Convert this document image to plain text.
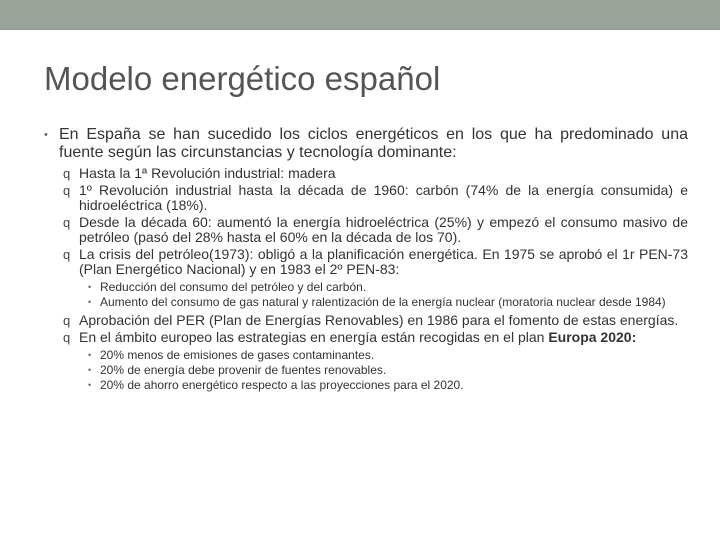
Modelo energético español
• En España se han sucedido los ciclos energéticos en los que ha predominado una fuente según las circunstancias y tecnología dominante:
q Hasta la 1ª Revolución industrial: madera
q 1º Revolución industrial hasta la década de 1960: carbón (74% de la energía consumida) e hidroeléctrica (18%).
q Desde la década 60: aumentó la energía hidroeléctrica (25%) y empezó el consumo masivo de petróleo (pasó del 28% hasta el 60% en la década de los 70).
q La crisis del petróleo(1973): obligó a la planificación energética. En 1975 se aprobó el 1r PEN-73 (Plan Energético Nacional) y en 1983 el 2º PEN-83:
• Reducción del consumo del petróleo y del carbón.
• Aumento del consumo de gas natural y ralentización de la energía nuclear (moratoria nuclear desde 1984)
q Aprobación del PER (Plan de Energías Renovables) en 1986 para el fomento de estas energías.
q En el ámbito europeo las estrategias en energía están recogidas en el plan Europa 2020:
• 20% menos de emisiones de gases contaminantes.
• 20% de energía debe provenir de fuentes renovables.
• 20% de ahorro energético respecto a las proyecciones para el 2020.
